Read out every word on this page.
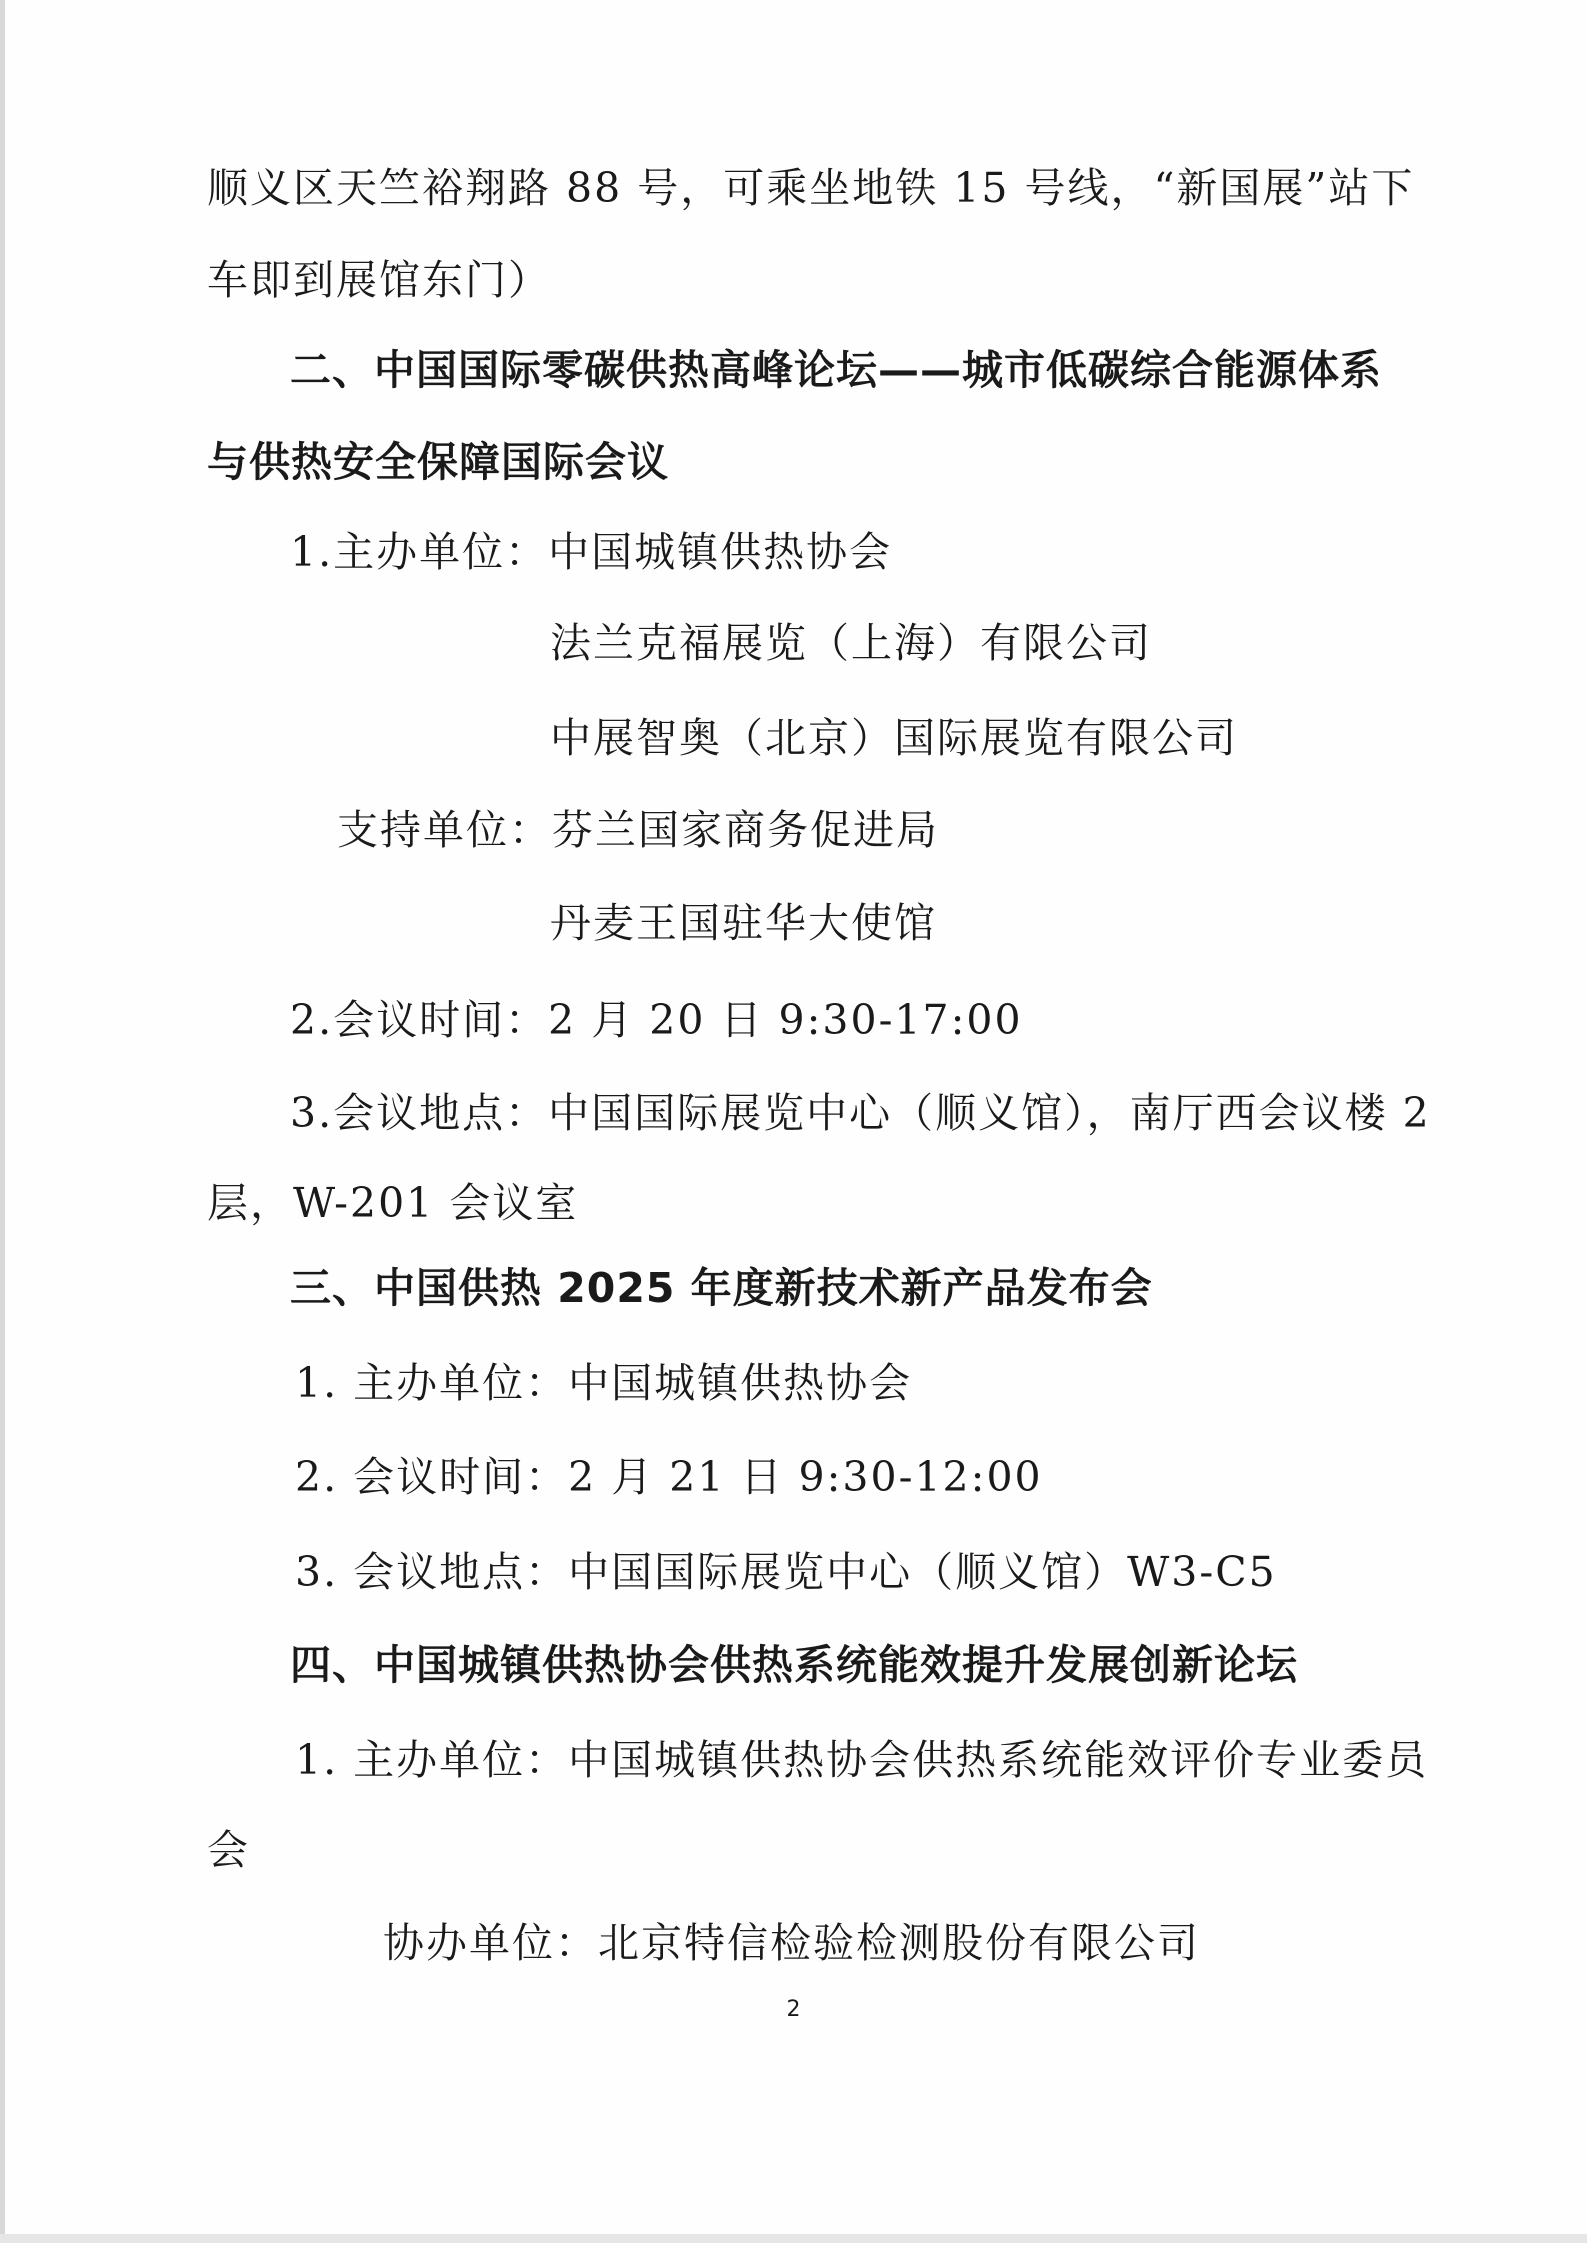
顺义区天竺裕翔路 88 号，可乘坐地铁 15 号线，“新国展”站下
车即到展馆东门）
二、中国国际零碳供热高峰论坛——城市低碳综合能源体系
与供热安全保障国际会议
1.主办单位：中国城镇供热协会
法兰克福展览（上海）有限公司
中展智奥（北京）国际展览有限公司
支持单位：芬兰国家商务促进局
丹麦王国驻华大使馆
2.会议时间：2 月 20 日 9:30-17:00
3.会议地点：中国国际展览中心（顺义馆），南厅西会议楼 2
层，W-201 会议室
三、中国供热 2025 年度新技术新产品发布会
1. 主办单位：中国城镇供热协会
2. 会议时间：2 月 21 日 9:30-12:00
3. 会议地点：中国国际展览中心（顺义馆）W3-C5
四、中国城镇供热协会供热系统能效提升发展创新论坛
1. 主办单位：中国城镇供热协会供热系统能效评价专业委员
会
协办单位：北京特信检验检测股份有限公司
2
